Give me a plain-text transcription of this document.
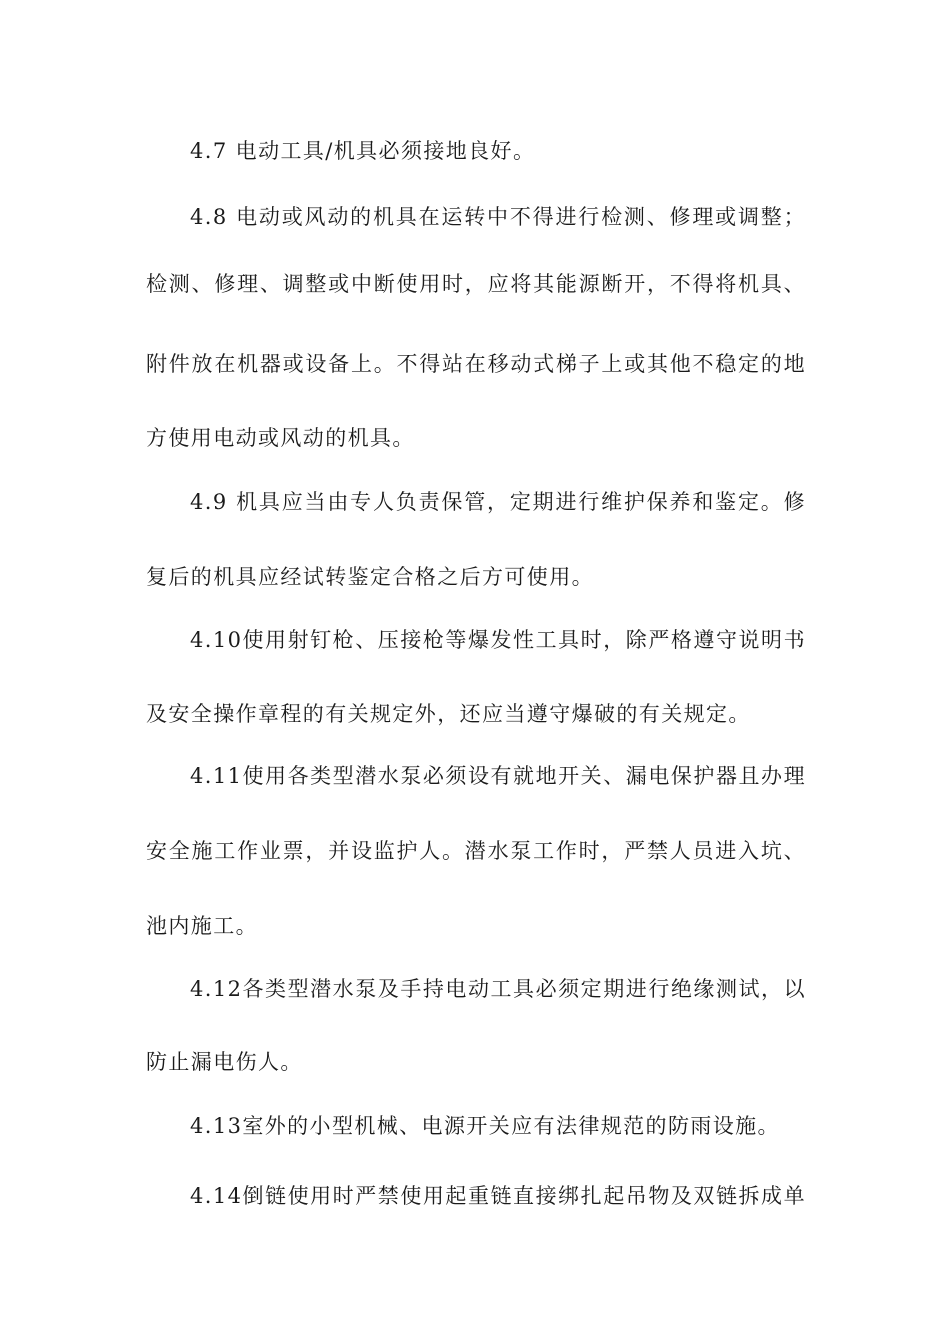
4.7 电动工具/机具必须接地良好。
4.8 电动或风动的机具在运转中不得进行检测、修理或调整；
检测、修理、调整或中断使用时，应将其能源断开，不得将机具、
附件放在机器或设备上。不得站在移动式梯子上或其他不稳定的地
方使用电动或风动的机具。
4.9 机具应当由专人负责保管，定期进行维护保养和鉴定。修
复后的机具应经试转鉴定合格之后方可使用。
4.10使用射钉枪、压接枪等爆发性工具时，除严格遵守说明书
及安全操作章程的有关规定外，还应当遵守爆破的有关规定。
4.11使用各类型潜水泵必须设有就地开关、漏电保护器且办理
安全施工作业票，并设监护人。潜水泵工作时，严禁人员进入坑、
池内施工。
4.12各类型潜水泵及手持电动工具必须定期进行绝缘测试，以
防止漏电伤人。
4.13室外的小型机械、电源开关应有法律规范的防雨设施。
4.14倒链使用时严禁使用起重链直接绑扎起吊物及双链拆成单
